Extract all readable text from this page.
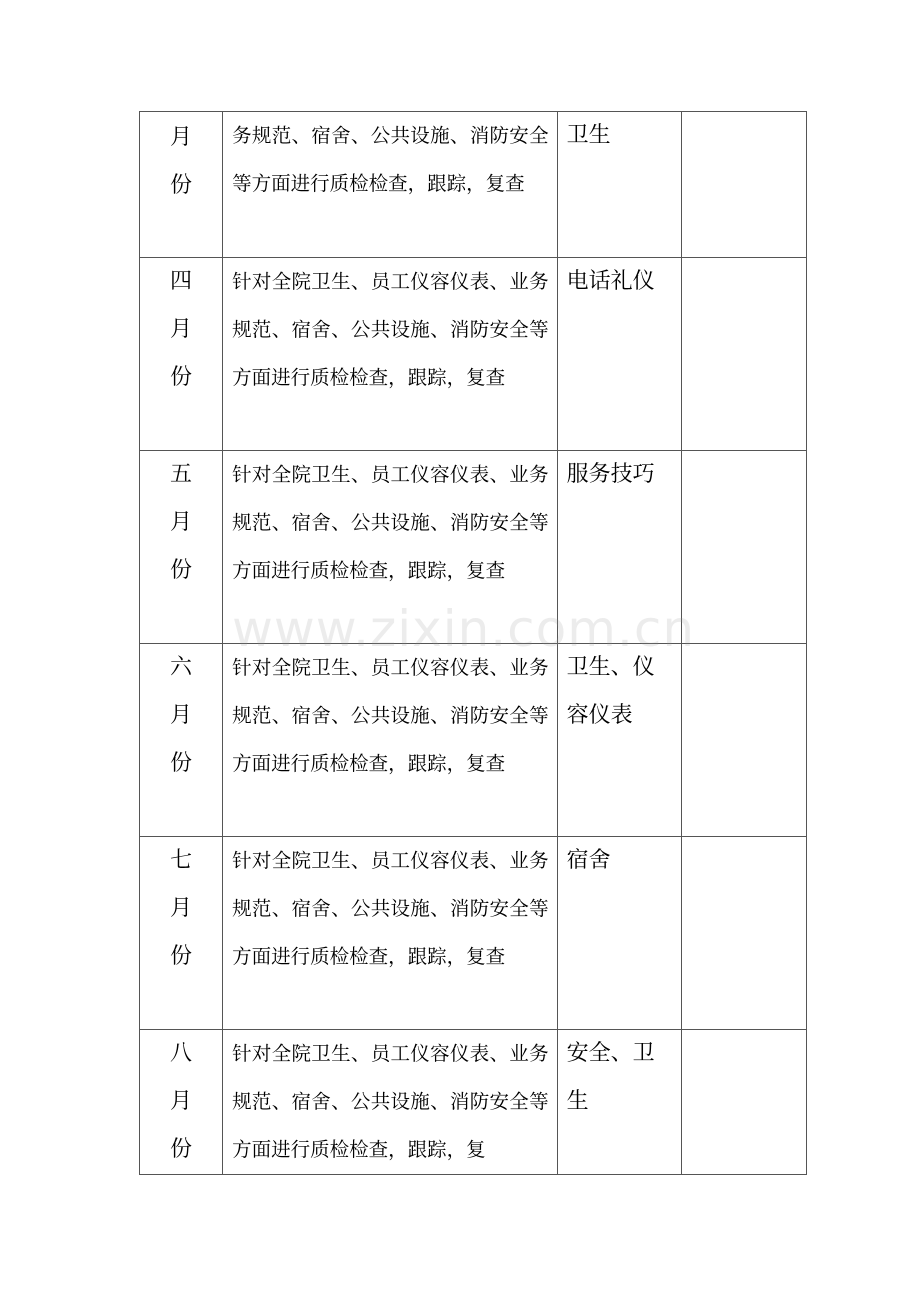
月份	务规范、宿舍、公共设施、消防安全等方面进行质检检查，跟踪，复查	卫生	

四月份	针对全院卫生、员工仪容仪表、业务规范、宿舍、公共设施、消防安全等方面进行质检检查，跟踪，复查	电话礼仪	

五月份	针对全院卫生、员工仪容仪表、业务规范、宿舍、公共设施、消防安全等方面进行质检检查，跟踪，复查	服务技巧	

六月份	针对全院卫生、员工仪容仪表、业务规范、宿舍、公共设施、消防安全等方面进行质检检查，跟踪，复查	卫生、仪容仪表	

七月份	针对全院卫生、员工仪容仪表、业务规范、宿舍、公共设施、消防安全等方面进行质检检查，跟踪，复查	宿舍	

八月份	针对全院卫生、员工仪容仪表、业务规范、宿舍、公共设施、消防安全等方面进行质检检查，跟踪，复	安全、卫生	

www.zixin.com.cn
